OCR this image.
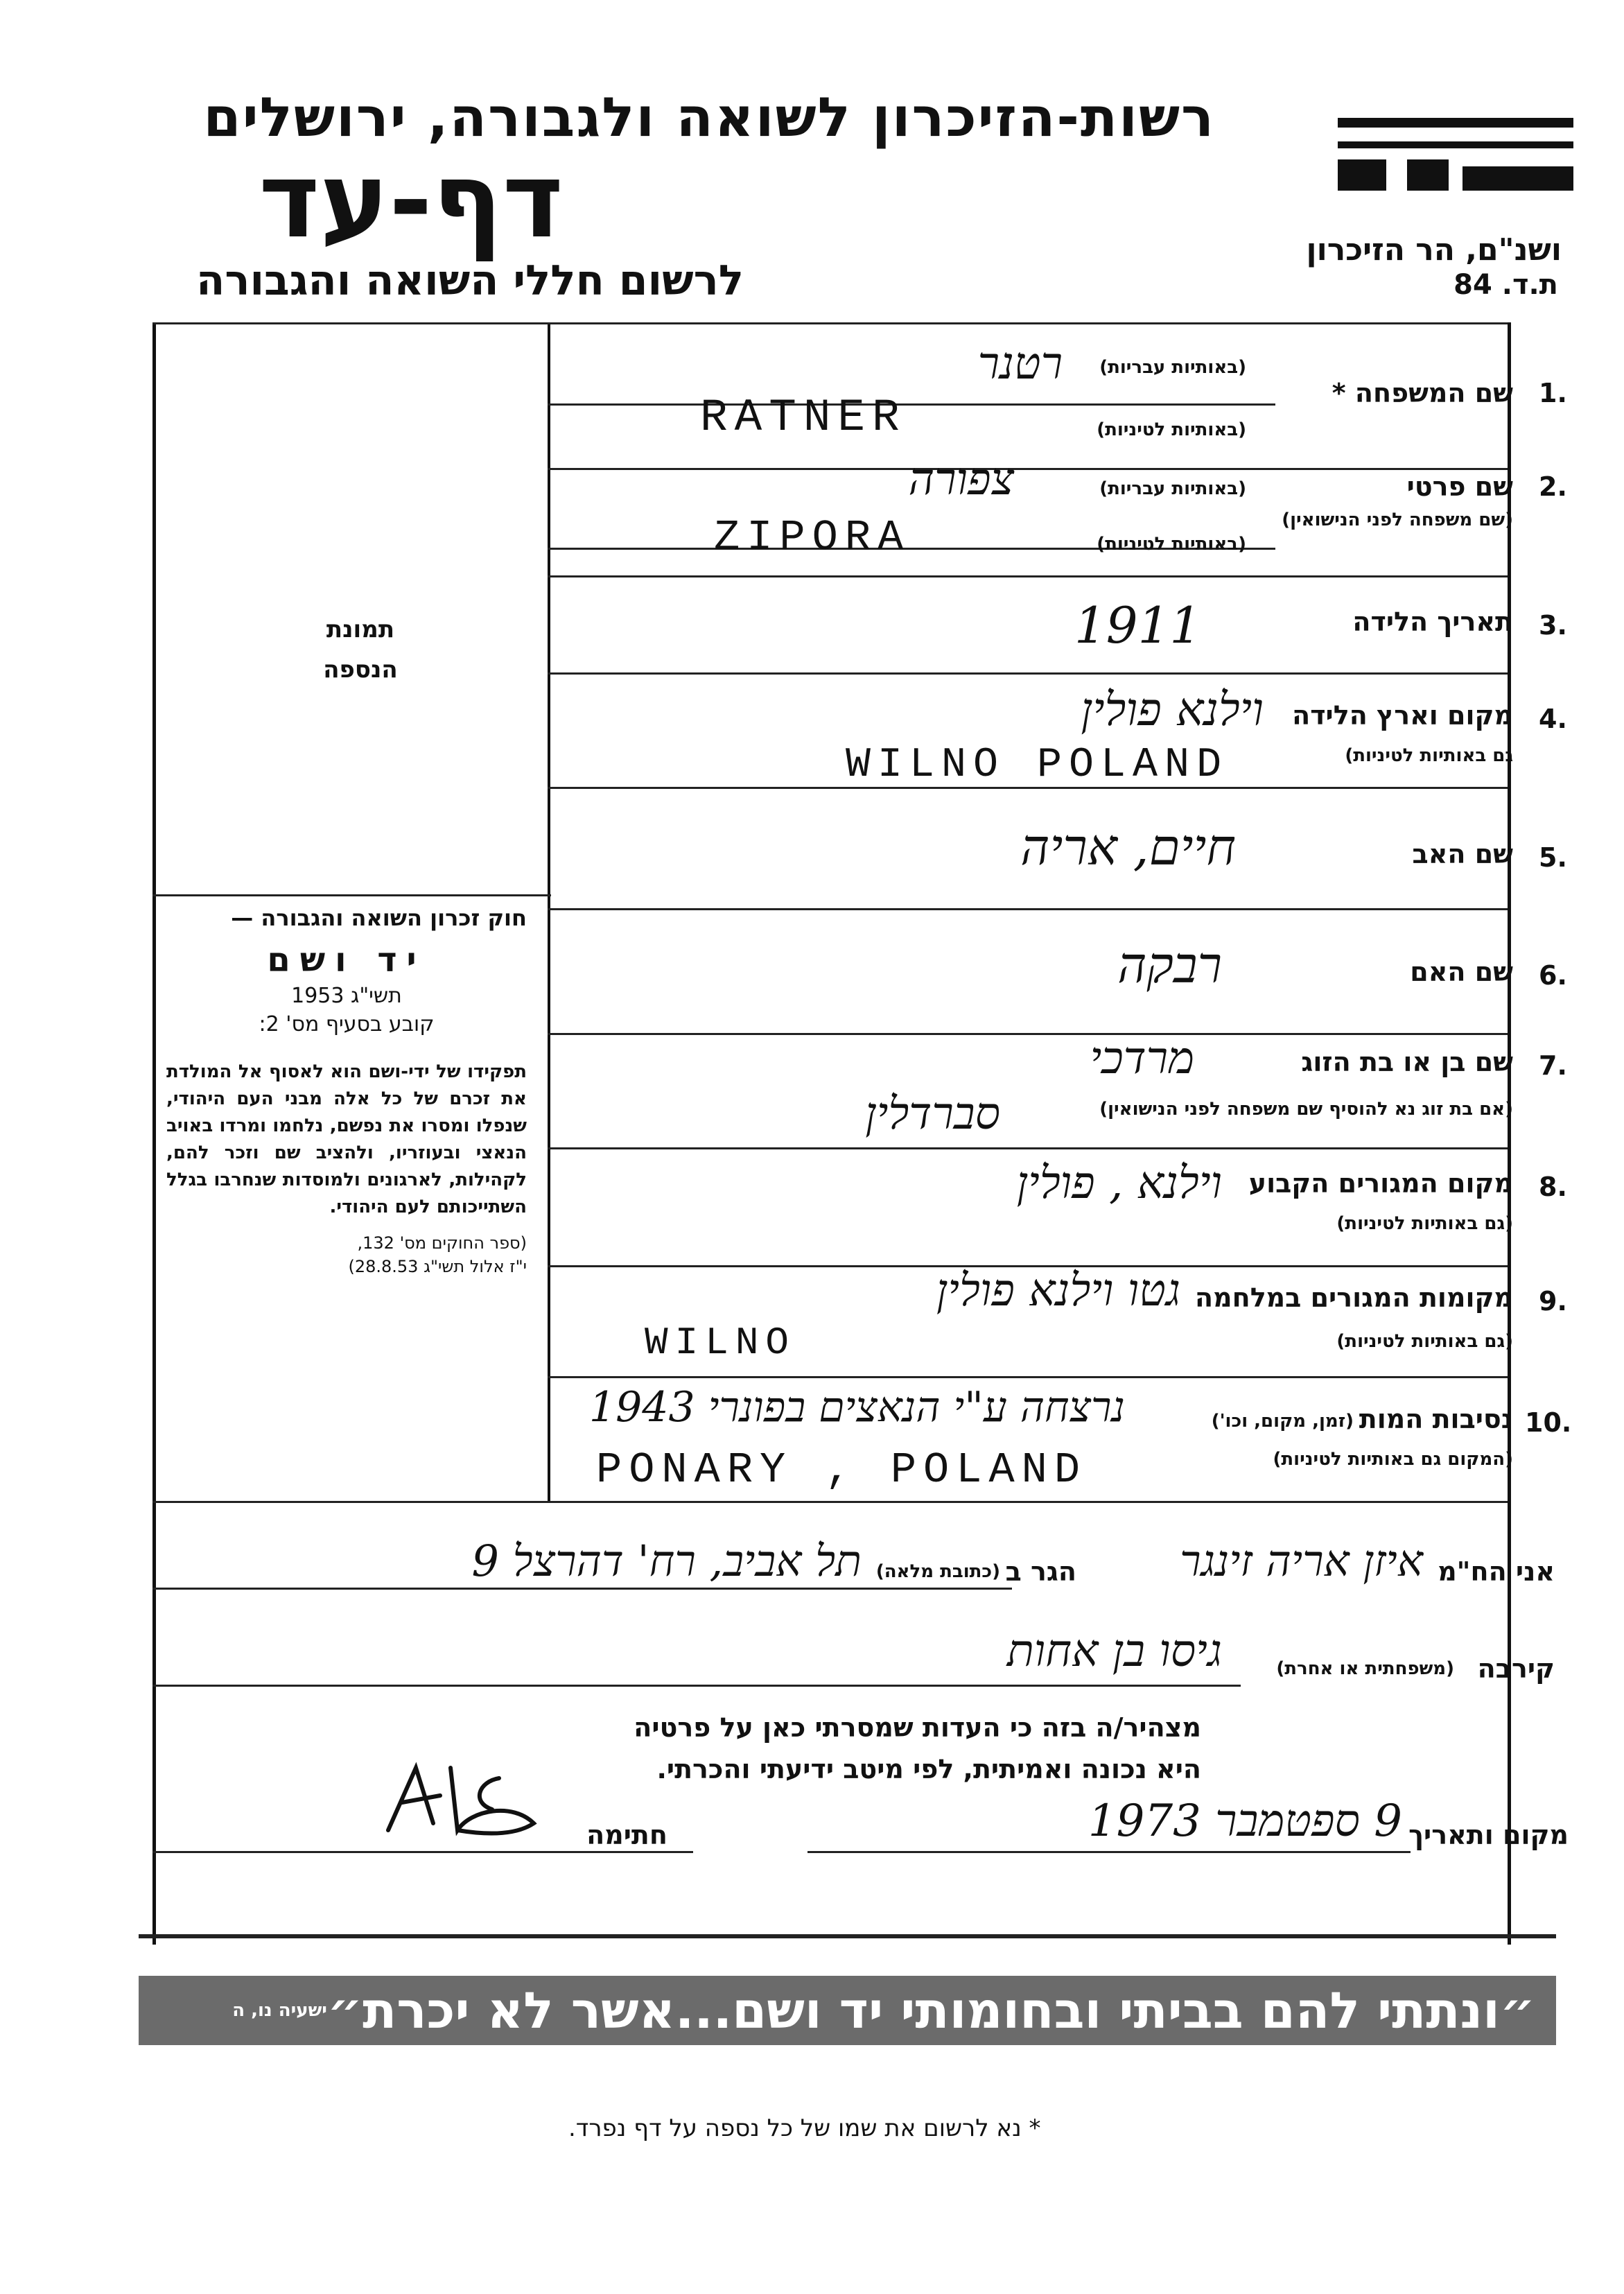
רשות-הזיכרון לשואה ולגבורה, ירושלים
דף-עד
לרשום חללי השואה והגבורה
ושנ"ם, הר הזיכרון
ת.ד. 84
תמונת
הנספה
חוק זכרון השואה והגבורה —
יד ושם
תשי"ג 1953
קובע בסעיף מס' 2:
תפקידו של ידי-ושם הוא לאסוף אל המולדת את זכרם של כל אלה מבני העם היהודי, שנפלו ומסרו את נפשם, נלחמו ומרדו באויב הנאצי ובעוזריו, ולהציב שם וזכר להם, לקהילות, לארגונים ולמוסדות שנחרבו בגלל השתייכותם לעם היהודי.
(ספר החוקים מס' 132,
י"ז אלול תשי"ג 28.8.53)
1.
שם המשפחה *
(באותיות עבריות)
(באותיות לטיניות)
רטנר
RATNER
2.
שם פרטי
(שם משפחה לפני הנישואין)
(באותיות עבריות)
(באותיות לטיניות)
צפורה
ZIPORA
3.
תאריך הלידה
1911
4.
מקום וארץ הלידה
גם באותיות לטיניות)
וילנא פולין
WILNO POLAND
5.
שם האב
חיים, אריה
6.
שם האם
רבקה
7.
שם בן או בת הזוג
(אם בת זוג נא להוסיף שם משפחה לפני הנישואין)
מרדכי
סברדלין
8.
מקום המגורים הקבוע
(גם באותיות לטיניות)
וילנא , פולין
9.
מקומות המגורים במלחמה
(גם באותיות לטיניות)
גטו וילנא פולין
WILNO
10.
נסיבות המות
(זמן, מקום, וכו')
(המקום גם באותיות לטיניות)
נרצחה ע"י הנאצים בפונרי 1943
PONARY , POLAND
אני הח"מ
איזן אריה זינגר
הגר ב
(כתובת מלאה)
תל אביב, רח' דהרצל 9
קירבה
(משפחתית או אחרת)
גיסו בן אחות
מצהיר/ה בזה כי העדות שמסרתי כאן על פרטיה
היא נכונה ואמיתית, לפי מיטב ידיעתי והכרתי.
חתימה	מקום ותאריך
9 ספטמבר 1973
ישעיה נו, ה ״ונתתי להם בביתי ובחומותי יד ושם...אשר לא יכרת״
* נא לרשום את שמו של כל נספה על דף נפרד.
